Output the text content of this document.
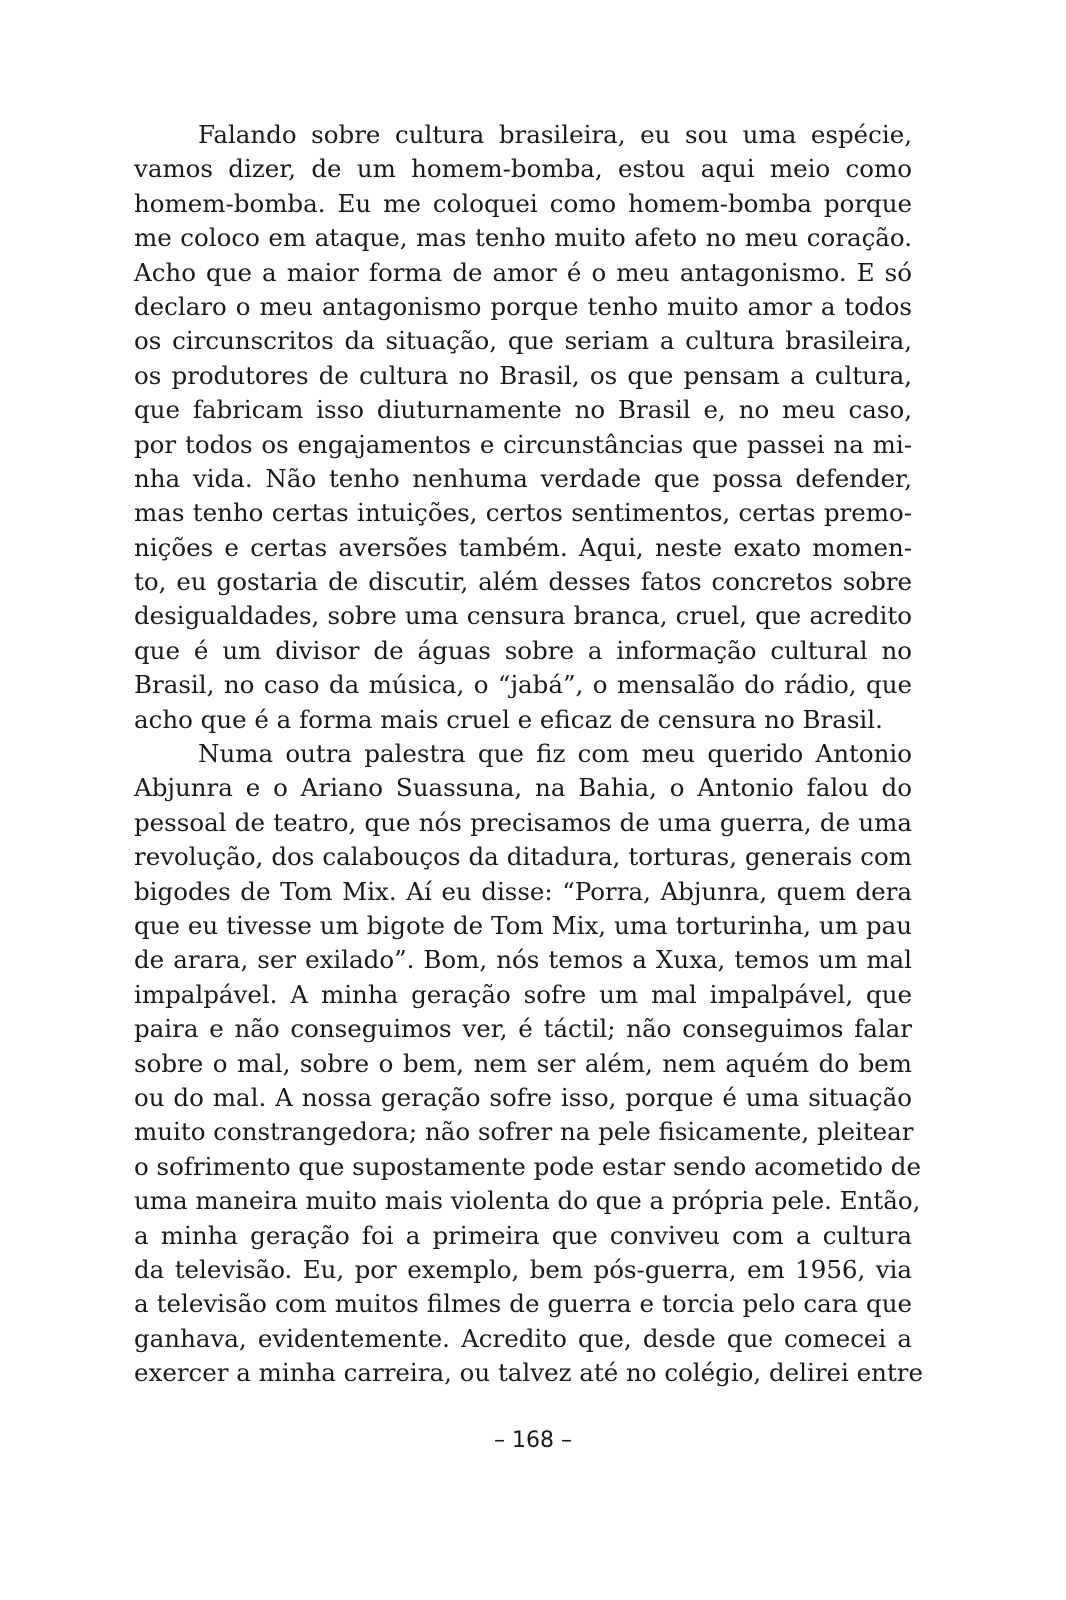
Falando sobre cultura brasileira, eu sou uma espécie,
vamos dizer, de um homem-bomba, estou aqui meio como
homem-bomba. Eu me coloquei como homem-bomba porque
me coloco em ataque, mas tenho muito afeto no meu coração.
Acho que a maior forma de amor é o meu antagonismo. E só
declaro o meu antagonismo porque tenho muito amor a todos
os circunscritos da situação, que seriam a cultura brasileira,
os produtores de cultura no Brasil, os que pensam a cultura,
que fabricam isso diuturnamente no Brasil e, no meu caso,
por todos os engajamentos e circunstâncias que passei na mi-
nha vida. Não tenho nenhuma verdade que possa defender,
mas tenho certas intuições, certos sentimentos, certas premo-
nições e certas aversões também. Aqui, neste exato momen-
to, eu gostaria de discutir, além desses fatos concretos sobre
desigualdades, sobre uma censura branca, cruel, que acredito
que é um divisor de águas sobre a informação cultural no
Brasil, no caso da música, o “jabá”, o mensalão do rádio, que
acho que é a forma mais cruel e eficaz de censura no Brasil.
Numa outra palestra que fiz com meu querido Antonio
Abjunra e o Ariano Suassuna, na Bahia, o Antonio falou do
pessoal de teatro, que nós precisamos de uma guerra, de uma
revolução, dos calabouços da ditadura, torturas, generais com
bigodes de Tom Mix. Aí eu disse: “Porra, Abjunra, quem dera
que eu tivesse um bigote de Tom Mix, uma torturinha, um pau
de arara, ser exilado”. Bom, nós temos a Xuxa, temos um mal
impalpável. A minha geração sofre um mal impalpável, que
paira e não conseguimos ver, é táctil; não conseguimos falar
sobre o mal, sobre o bem, nem ser além, nem aquém do bem
ou do mal. A nossa geração sofre isso, porque é uma situação
muito constrangedora; não sofrer na pele fisicamente, pleitear
o sofrimento que supostamente pode estar sendo acometido de
uma maneira muito mais violenta do que a própria pele. Então,
a minha geração foi a primeira que conviveu com a cultura
da televisão. Eu, por exemplo, bem pós-guerra, em 1956, via
a televisão com muitos filmes de guerra e torcia pelo cara que
ganhava, evidentemente. Acredito que, desde que comecei a
exercer a minha carreira, ou talvez até no colégio, delirei entre
– 168 –
